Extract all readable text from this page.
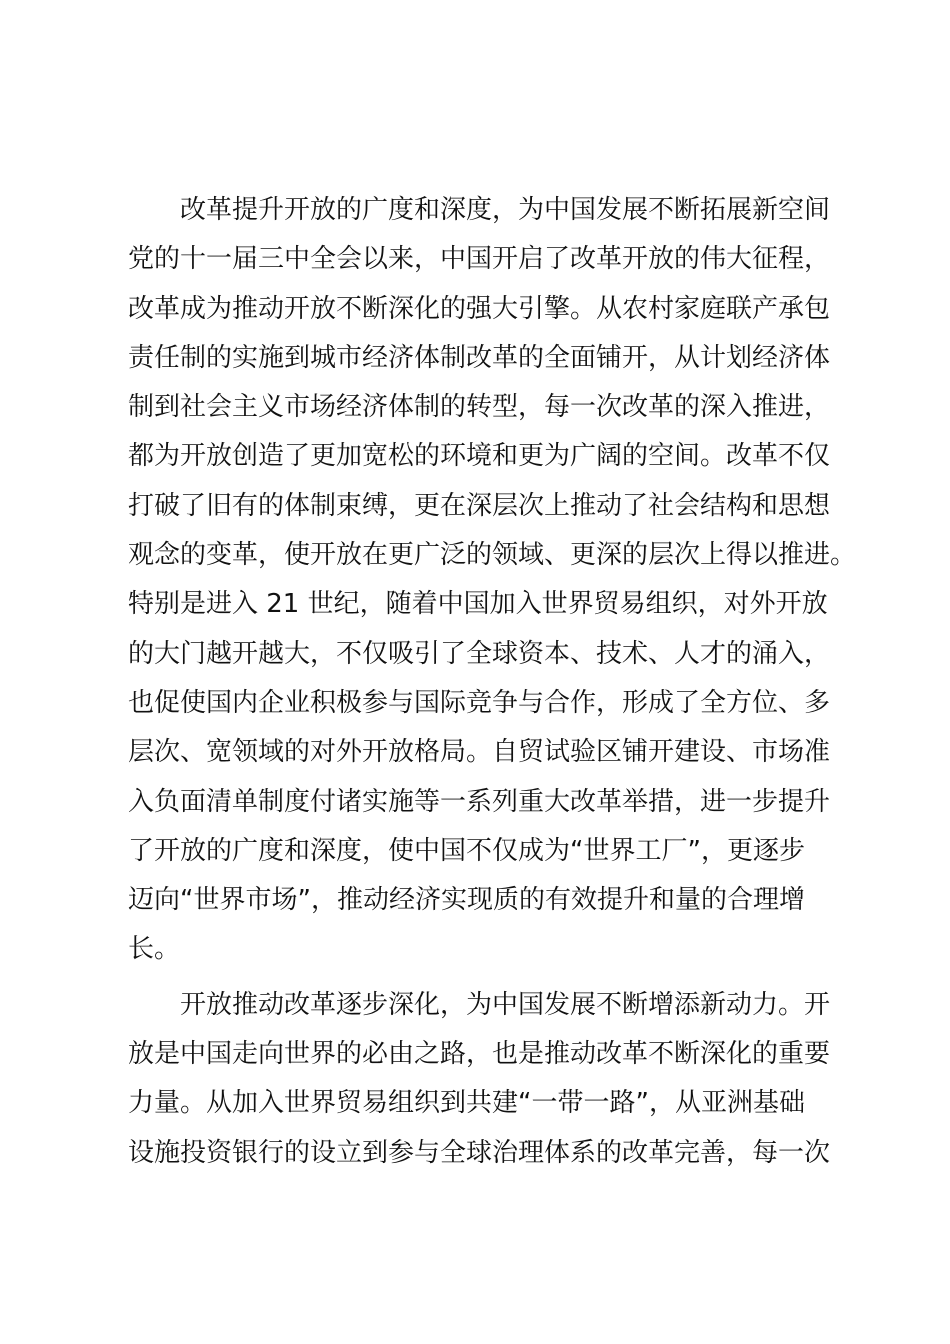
改革提升开放的广度和深度，为中国发展不断拓展新空间

党的十一届三中全会以来，中国开启了改革开放的伟大征程，

改革成为推动开放不断深化的强大引擎。从农村家庭联产承包

责任制的实施到城市经济体制改革的全面铺开，从计划经济体

制到社会主义市场经济体制的转型，每一次改革的深入推进，

都为开放创造了更加宽松的环境和更为广阔的空间。改革不仅

打破了旧有的体制束缚，更在深层次上推动了社会结构和思想

观念的变革，使开放在更广泛的领域、更深的层次上得以推进。

特别是进入 21 世纪，随着中国加入世界贸易组织，对外开放

的大门越开越大，不仅吸引了全球资本、技术、人才的涌入，

也促使国内企业积极参与国际竞争与合作，形成了全方位、多

层次、宽领域的对外开放格局。自贸试验区铺开建设、市场准

入负面清单制度付诸实施等一系列重大改革举措，进一步提升

了开放的广度和深度，使中国不仅成为“世界工厂”，更逐步

迈向“世界市场”，推动经济实现质的有效提升和量的合理增

长。

开放推动改革逐步深化，为中国发展不断增添新动力。开

放是中国走向世界的必由之路，也是推动改革不断深化的重要

力量。从加入世界贸易组织到共建“一带一路”，从亚洲基础

设施投资银行的设立到参与全球治理体系的改革完善，每一次
